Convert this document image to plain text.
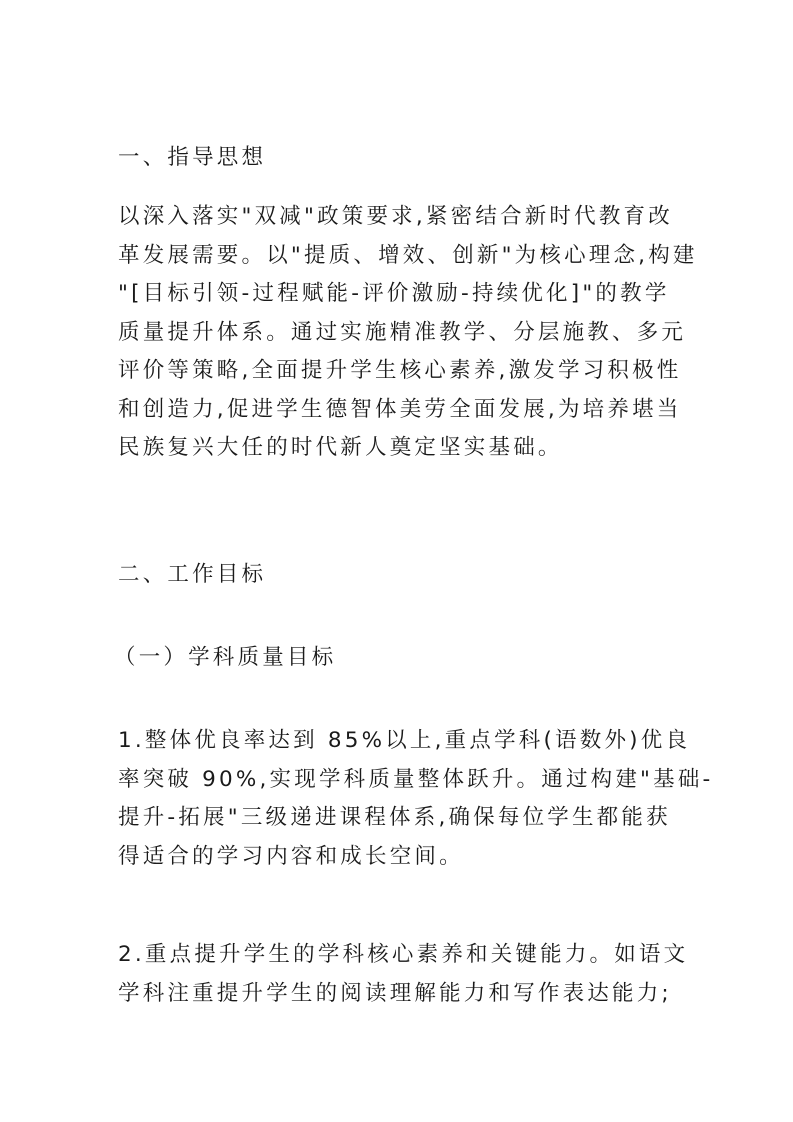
一、指导思想
以深入落实"双减"政策要求,紧密结合新时代教育改
革发展需要。以"提质、增效、创新"为核心理念,构建
"[目标引领-过程赋能-评价激励-持续优化]"的教学
质量提升体系。通过实施精准教学、分层施教、多元
评价等策略,全面提升学生核心素养,激发学习积极性
和创造力,促进学生德智体美劳全面发展,为培养堪当
民族复兴大任的时代新人奠定坚实基础。
二、工作目标
（一）学科质量目标
1.整体优良率达到 85%以上,重点学科(语数外)优良
率突破 90%,实现学科质量整体跃升。通过构建"基础-
提升-拓展"三级递进课程体系,确保每位学生都能获
得适合的学习内容和成长空间。
2.重点提升学生的学科核心素养和关键能力。如语文
学科注重提升学生的阅读理解能力和写作表达能力;
